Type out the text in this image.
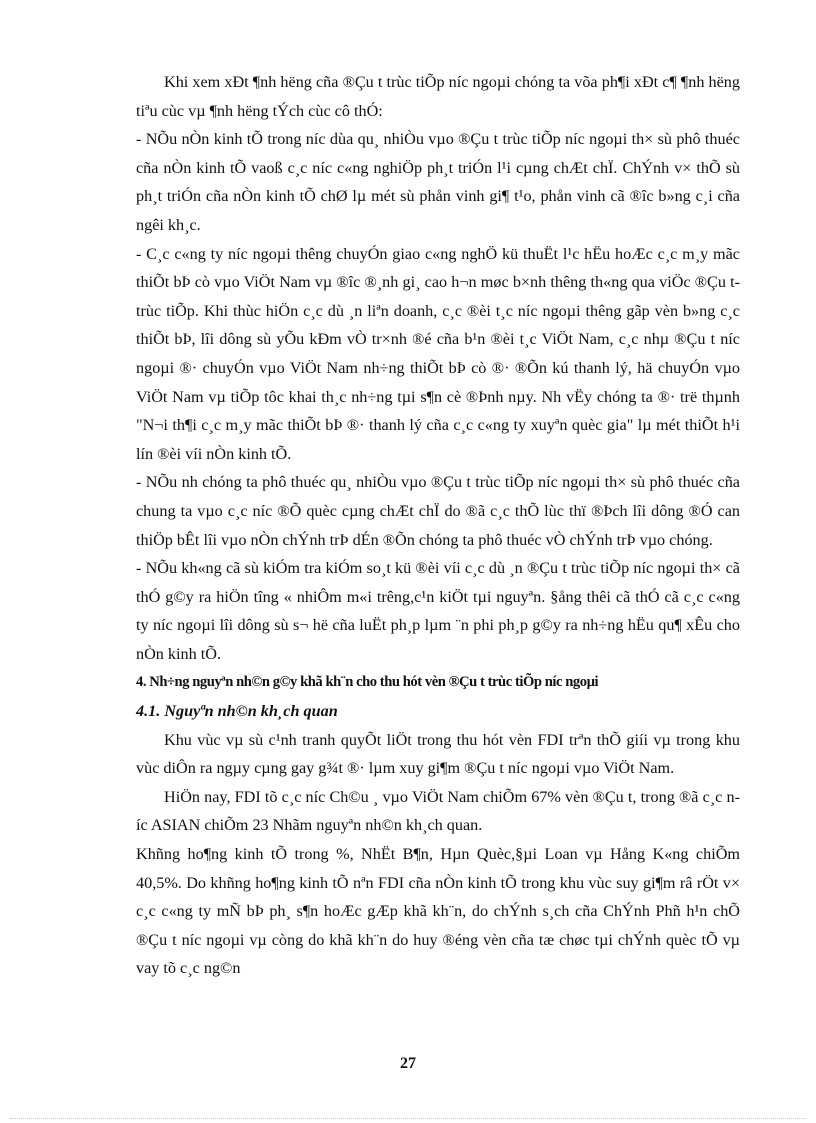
Khi xem xÐt ¶nh hëng cña ®Çu t trùc tiÕp níc ngoµi chóng ta võa ph¶i xÐt c¶ ¶nh hëng tiªu cùc vµ ¶nh hëng tÝch cùc cô thÓ:

- NÕu nÒn kinh tÕ trong níc dùa qu¸ nhiÒu vµo ®Çu t trùc tiÕp níc ngoµi th× sù phô thuéc cña nÒn kinh tÕ vaoß c¸c níc c«ng nghiÖp ph¸t triÓn l¹i cµng chÆt chÏ. ChÝnh v× thÕ sù ph¸t triÓn cña nÒn kinh tÕ chØ lµ mét sù phån vinh gi¶ t¹o, phån vinh cã ®îc b»ng c¸i cña ngêi kh¸c.

- C¸c c«ng ty níc ngoµi thêng chuyÓn giao c«ng nghÖ kü thuËt l¹c hËu hoÆc c¸c m¸y mãc thiÕt bÞ cò vµo ViÖt Nam vµ ®îc ®¸nh gi¸ cao h¬n møc b×nh thêng th«ng qua viÖc ®Çu t trùc tiÕp. Khi thùc hiÖn c¸c dù ¸n liªn doanh, c¸c ®èi t¸c níc ngoµi thêng gãp vèn b»ng c¸c thiÕt bÞ, lîi dông sù yÕu kÐm vÒ tr×nh ®é cña b¹n ®èi t¸c ViÖt Nam, c¸c nhµ ®Çu t níc ngoµi ®· chuyÓn vµo ViÖt Nam nh÷ng thiÕt bÞ cò ®· ®Õn kú thanh lý, hä chuyÓn vµo ViÖt Nam vµ tiÕp tôc khai th¸c nh÷ng tµi s¶n cè ®Þnh nµy. Nh vËy chóng ta ®· trë thµnh "N¬i th¶i c¸c m¸y mãc thiÕt bÞ ®· thanh lý cña c¸c c«ng ty xuyªn quèc gia" lµ mét thiÕt h¹i lín ®èi víi nÒn kinh tÕ.

- NÕu nh chóng ta phô thuéc qu¸ nhiÒu vµo ®Çu t trùc tiÕp níc ngoµi th× sù phô thuéc cña chung ta vµo c¸c níc ®Õ quèc cµng chÆt chÏ do ®ã c¸c thÕ lùc thï ®Þch lîi dông ®Ó can thiÖp bÊt lîi vµo nÒn chÝnh trÞ dÉn ®Õn chóng ta phô thuéc vÒ chÝnh trÞ vµo chóng.

- NÕu kh«ng cã sù kiÓm tra kiÓm so¸t kü ®èi víi c¸c dù ¸n ®Çu t trùc tiÕp níc ngoµi th× cã thÓ g©y ra hiÖn tîng « nhiÔm m«i trêng,c¹n kiÖt tµi nguyªn. §ång thêi cã thÓ cã c¸c c«ng ty níc ngoµi lîi dông sù s¬ hë cña luËt ph¸p lµm ¨n phi ph¸p g©y ra nh÷ng hËu qu¶ xÊu cho nÒn kinh tÕ.

4. Nh÷ng nguyªn nh©n g©y khã kh¨n cho thu hót vèn ®Çu t trùc tiÕp níc ngoµi

4.1. Nguyªn nh©n kh¸ch quan

Khu vùc vµ sù c¹nh tranh quyÕt liÖt trong thu hót vèn FDI trªn thÕ giíi vµ trong khu vùc diÔn ra ngµy cµng gay g¾t ®· lµm xuy gi¶m ®Çu t níc ngoµi vµo ViÖt Nam.

HiÖn nay, FDI tõ c¸c níc Ch©u ¸ vµo ViÖt Nam chiÕm 67% vèn ®Çu t, trong ®ã c¸c níc ASIAN chiÕm 23 Nhãm nguyªn nh©n kh¸ch quan.

Khñng ho¶ng kinh tÕ trong %, NhËt B¶n, Hµn Quèc,§µi Loan vµ Hång K«ng chiÕm 40,5%. Do khñng ho¶ng kinh tÕ nªn FDI cña nÒn kinh tÕ trong khu vùc suy gi¶m râ rÖt v× c¸c c«ng ty mÑ bÞ ph¸ s¶n hoÆc gÆp khã kh¨n, do chÝnh s¸ch cña ChÝnh Phñ h¹n chÕ ®Çu t níc ngoµi vµ còng do khã kh¨n do huy ®éng vèn cña tæ chøc tµi chÝnh quèc tÕ vµ vay tõ c¸c ng©n

27
